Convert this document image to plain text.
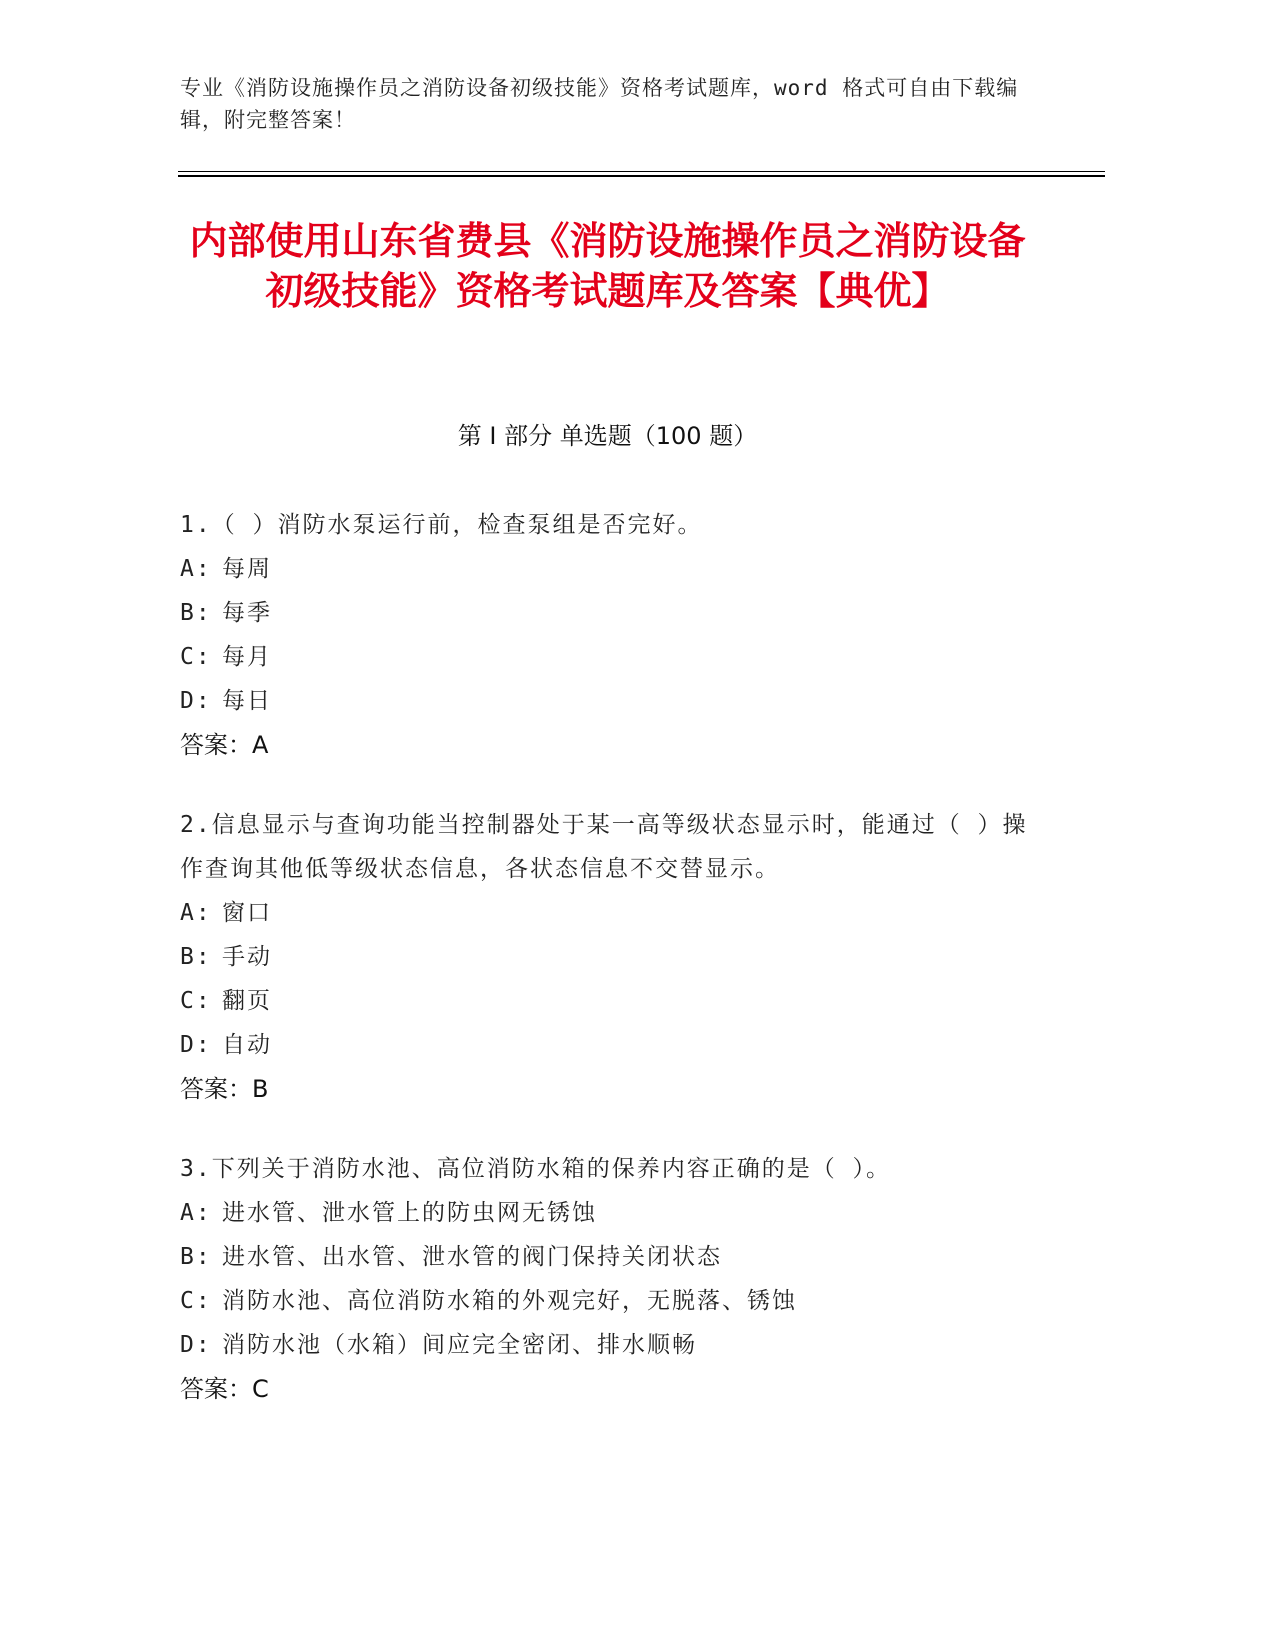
专业《消防设施操作员之消防设备初级技能》资格考试题库，word 格式可自由下载编辑，附完整答案！
内部使用山东省费县《消防设施操作员之消防设备初级技能》资格考试题库及答案【典优】
第 I 部分 单选题（100 题）
1.（ ）消防水泵运行前，检查泵组是否完好。
A: 每周
B: 每季
C: 每月
D: 每日
答案：A
2.信息显示与查询功能当控制器处于某一高等级状态显示时，能通过（ ）操作查询其他低等级状态信息，各状态信息不交替显示。
A: 窗口
B: 手动
C: 翻页
D: 自动
答案：B
3.下列关于消防水池、高位消防水箱的保养内容正确的是（ ）。
A: 进水管、泄水管上的防虫网无锈蚀
B: 进水管、出水管、泄水管的阀门保持关闭状态
C: 消防水池、高位消防水箱的外观完好，无脱落、锈蚀
D: 消防水池（水箱）间应完全密闭、排水顺畅
答案：C
